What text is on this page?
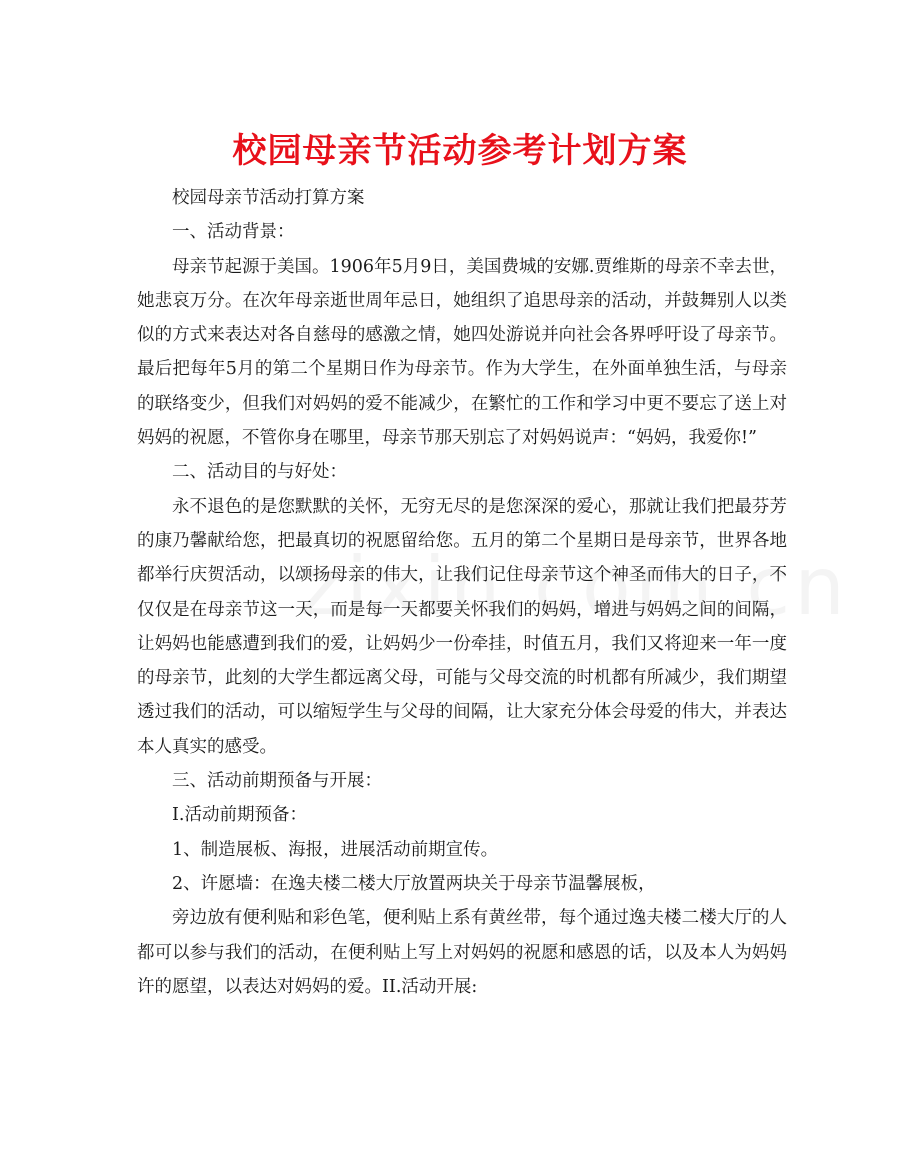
校园母亲节活动参考计划方案

校园母亲节活动打算方案

一、活动背景：

母亲节起源于美国。1906年5月9日，美国费城的安娜.贾维斯的母亲不幸去世，她悲哀万分。在次年母亲逝世周年忌日，她组织了追思母亲的活动，并鼓舞别人以类似的方式来表达对各自慈母的感激之情，她四处游说并向社会各界呼吁设了母亲节。最后把每年5月的第二个星期日作为母亲节。作为大学生，在外面单独生活，与母亲的联络变少，但我们对妈妈的爱不能减少，在繁忙的工作和学习中更不要忘了送上对妈妈的祝愿，不管你身在哪里，母亲节那天别忘了对妈妈说声：“妈妈，我爱你!”

二、活动目的与好处：

永不退色的是您默默的关怀，无穷无尽的是您深深的爱心，那就让我们把最芬芳的康乃馨献给您，把最真切的祝愿留给您。五月的第二个星期日是母亲节，世界各地都举行庆贺活动，以颂扬母亲的伟大，让我们记住母亲节这个神圣而伟大的日子，不仅仅是在母亲节这一天，而是每一天都要关怀我们的妈妈，增进与妈妈之间的间隔，让妈妈也能感遭到我们的爱，让妈妈少一份牵挂，时值五月，我们又将迎来一年一度的母亲节，此刻的大学生都远离父母，可能与父母交流的时机都有所减少，我们期望透过我们的活动，可以缩短学生与父母的间隔，让大家充分体会母爱的伟大，并表达本人真实的感受。

三、活动前期预备与开展：

I.活动前期预备：

1、制造展板、海报，进展活动前期宣传。

2、许愿墙：在逸夫楼二楼大厅放置两块关于母亲节温馨展板，

旁边放有便利贴和彩色笔，便利贴上系有黄丝带，每个通过逸夫楼二楼大厅的人都可以参与我们的活动，在便利贴上写上对妈妈的祝愿和感恩的话，以及本人为妈妈许的愿望，以表达对妈妈的爱。II.活动开展:
